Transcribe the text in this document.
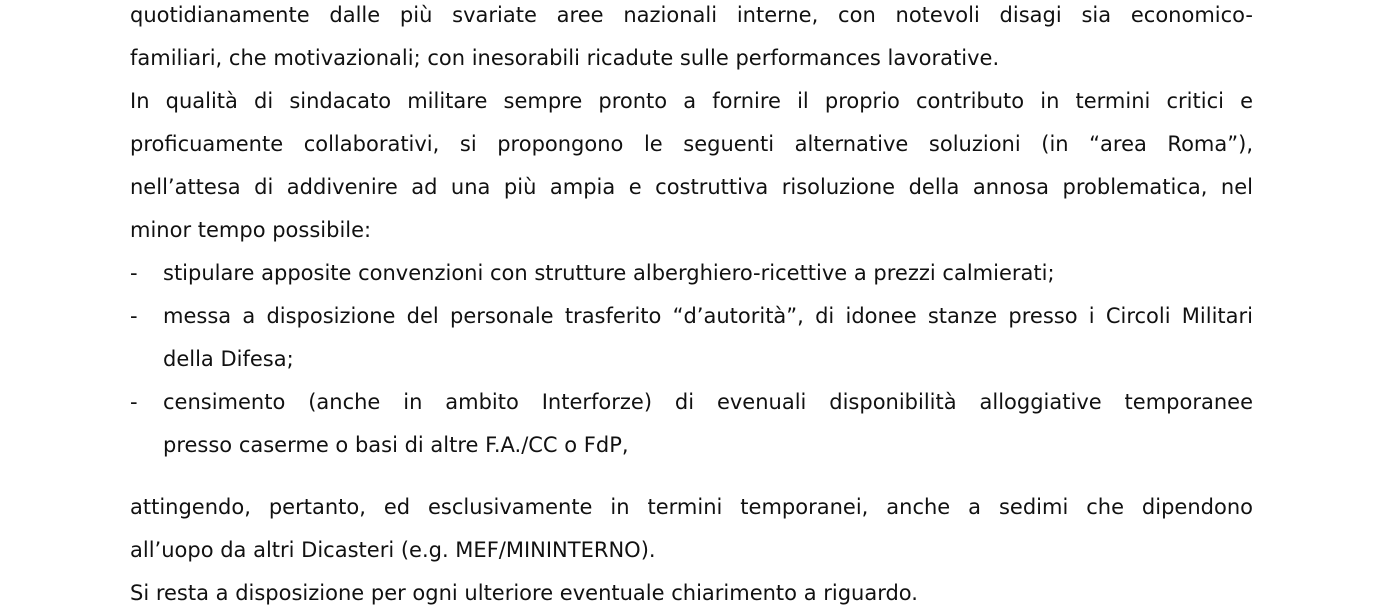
quotidianamente dalle più svariate aree nazionali interne, con notevoli disagi sia economico-
familiari, che motivazionali; con inesorabili ricadute sulle performances lavorative.

In qualità di sindacato militare sempre pronto a fornire il proprio contributo in termini critici e
proficuamente collaborativi, si propongono le seguenti alternative soluzioni (in “area Roma”),
nell’attesa di addivenire ad una più ampia e costruttiva risoluzione della annosa problematica, nel
minor tempo possibile:

- stipulare apposite convenzioni con strutture alberghiero-ricettive a prezzi calmierati;
- messa a disposizione del personale trasferito “d’autorità”, di idonee stanze presso i Circoli Militari
della Difesa;
- censimento (anche in ambito Interforze) di evenuali disponibilità alloggiative temporanee
presso caserme o basi di altre F.A./CC o FdP,

attingendo, pertanto, ed esclusivamente in termini temporanei, anche a sedimi che dipendono
all’uopo da altri Dicasteri (e.g. MEF/MININTERNO).

Si resta a disposizione per ogni ulteriore eventuale chiarimento a riguardo.
